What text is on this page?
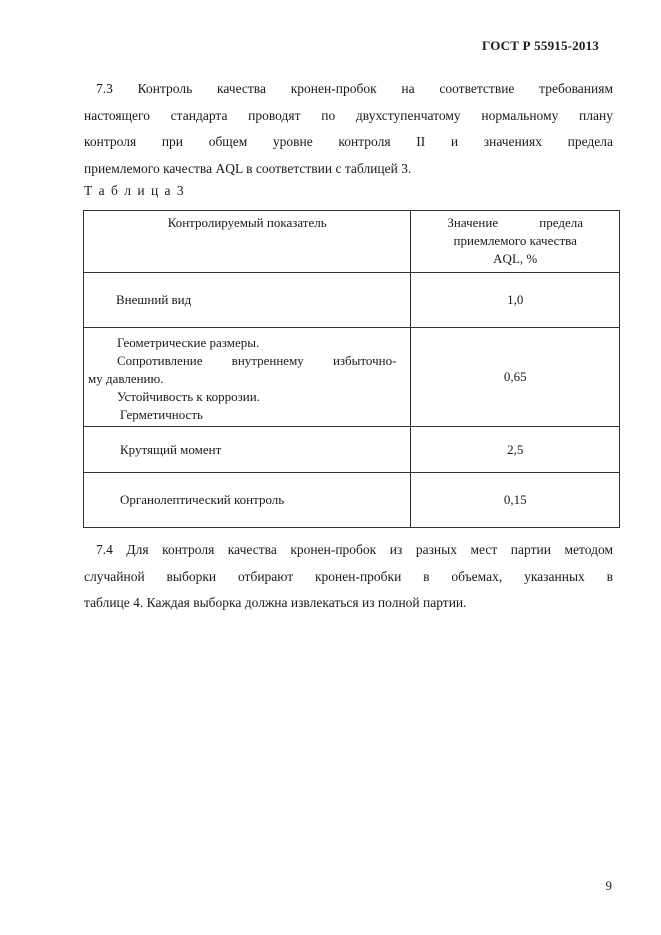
ГОСТ Р 55915-2013
7.3 Контроль качества кронен-пробок на соответствие требованиям
настоящего стандарта проводят по двухступенчатому нормальному плану
контроля при общем уровне контроля II и значениях предела
приемлемого качества AQL в соответствии с таблицей 3.
Т а б л и ц а 3
Контролируемый показатель	Значение предела
приемлемого качества
AQL, %

Внешний вид	1,0

Геометрические размеры.
Сопротивление внутреннему избыточно-
му давлению.
Устойчивость к коррозии.
Герметичность	0,65

Крутящий момент	2,5

Органолептический контроль	0,15
7.4 Для контроля качества кронен-пробок из разных мест партии методом
случайной выборки отбирают кронен-пробки в объемах, указанных в
таблице 4. Каждая выборка должна извлекаться из полной партии.
9
